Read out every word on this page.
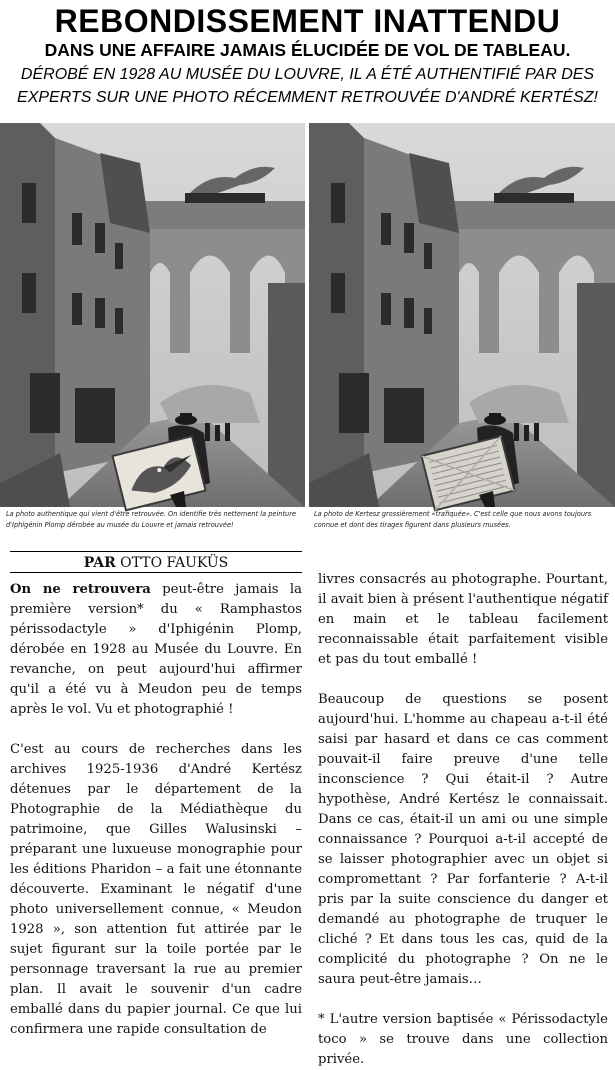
REBONDISSEMENT INATTENDU
DANS UNE AFFAIRE JAMAIS ÉLUCIDÉE DE VOL DE TABLEAU.
DÉROBÉ EN 1928 AU MUSÉE DU LOUVRE, IL A ÉTÉ AUTHENTIFIÉ PAR DES EXPERTS SUR UNE PHOTO RÉCEMMENT RETROUVÉE D'ANDRÉ KERTÉSZ!
La photo authentique qui vient d'être retrouvée. On identifie très nettement la peinture d'Iphigénin Plomp dérobée au musée du Louvre et jamais retrouvée!
La photo de Kertesz grossièrement «trafiquée». C'est celle que nous avons toujours connue et dont des tirages figurent dans plusieurs musées.
PAR OTTO FAUKÜS

On ne retrouvera peut-être jamais la première version* du « Ramphastos périssodactyle » d'Iphigénin Plomp, dérobée en 1928 au Musée du Louvre. En revanche, on peut aujourd'hui affirmer qu'il a été vu à Meudon peu de temps après le vol. Vu et photographié !

C'est au cours de recherches dans les archives 1925-1936 d'André Kertész détenues par le département de la Photographie de la Médiathèque du patrimoine, que Gilles Walusinski – préparant une luxueuse monographie pour les éditions Pharidon – a fait une étonnante découverte. Examinant le négatif d'une photo universellement connue, « Meudon 1928 », son attention fut attirée par le sujet figurant sur la toile portée par le personnage traversant la rue au premier plan. Il avait le souvenir d'un cadre emballé dans du papier journal. Ce que lui confirmera une rapide consultation de

livres consacrés au photographe. Pourtant, il avait bien à présent l'authentique négatif en main et le tableau facilement reconnaissable était parfaitement visible et pas du tout emballé !

Beaucoup de questions se posent aujourd'hui. L'homme au chapeau a-t-il été saisi par hasard et dans ce cas comment pouvait-il faire preuve d'une telle inconscience ? Qui était-il ? Autre hypothèse, André Kertész le connaissait. Dans ce cas, était-il un ami ou une simple connaissance ? Pourquoi a-t-il accepté de se laisser photographier avec un objet si compromettant ? Par forfanterie ? A-t-il pris par la suite conscience du danger et demandé au photographe de truquer le cliché ? Et dans tous les cas, quid de la complicité du photographe ? On ne le saura peut-être jamais…

* L'autre version baptisée « Périssodactyle toco » se trouve dans une collection privée.
